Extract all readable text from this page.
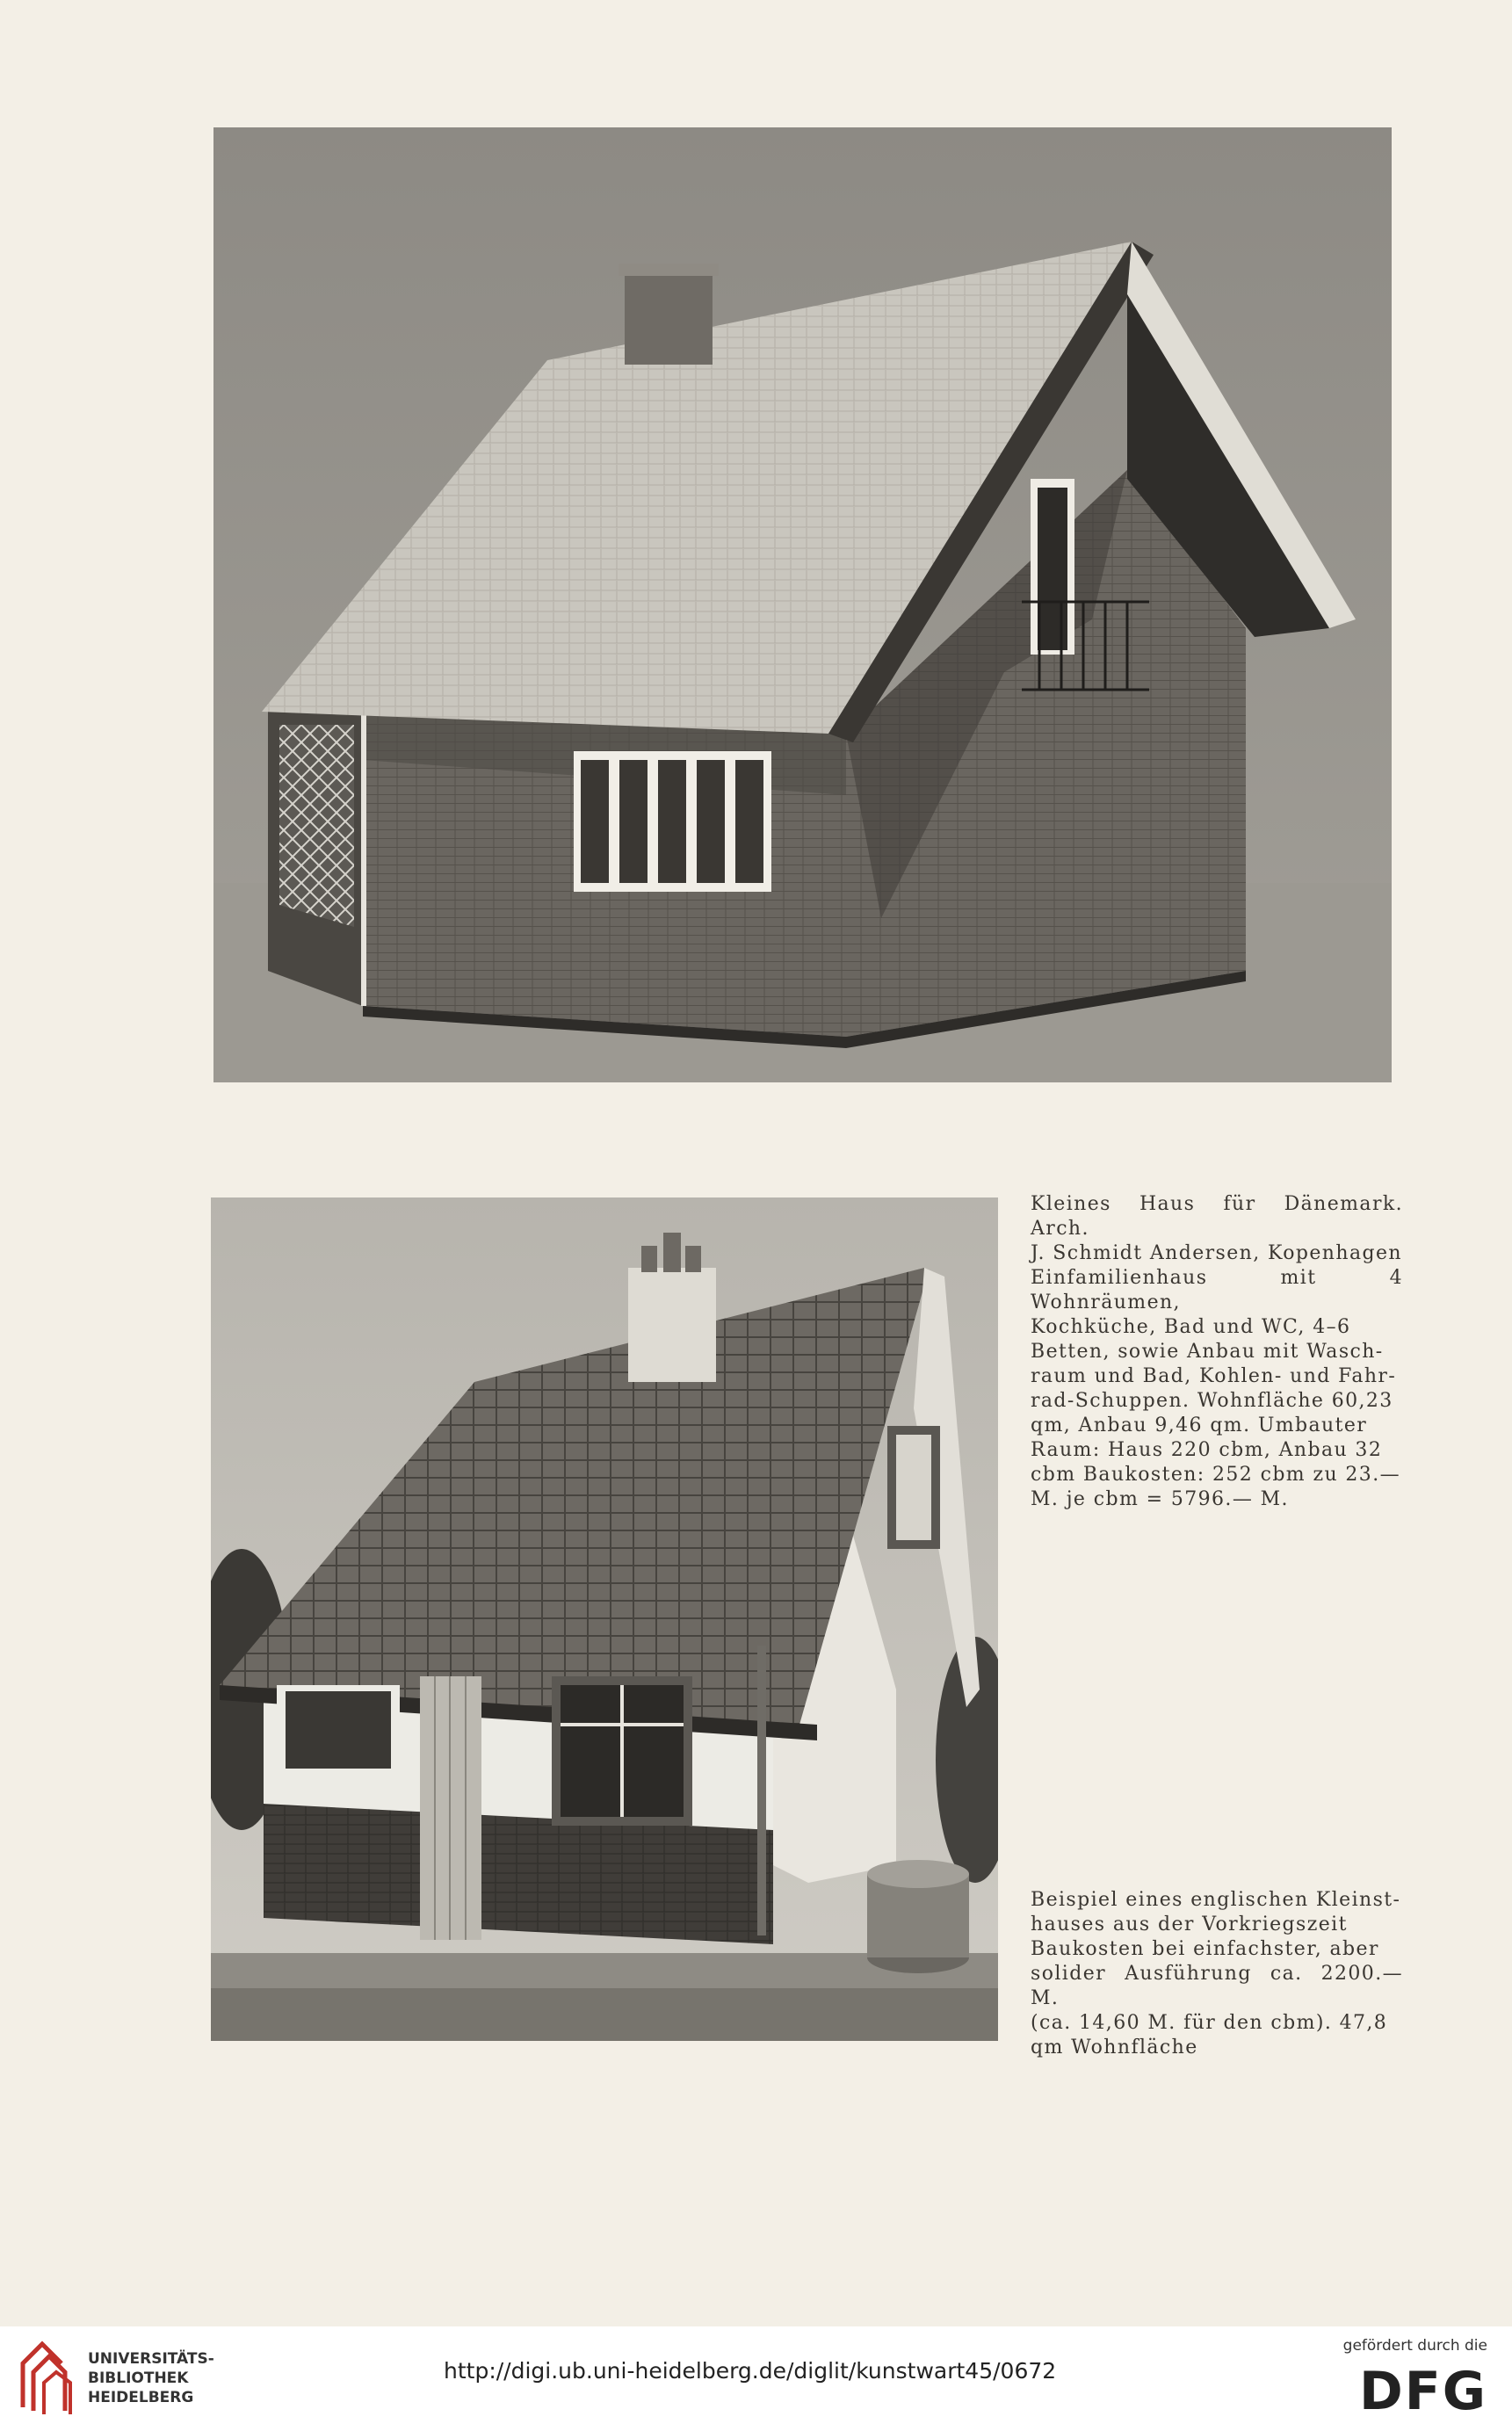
Kleines Haus für Dänemark. Arch.

J. Schmidt Andersen, Kopenhagen

Einfamilienhaus mit 4 Wohnräumen,

Kochküche, Bad und WC, 4–6

Betten, sowie Anbau mit Wasch-

raum und Bad, Kohlen- und Fahr-

rad-Schuppen. Wohnfläche 60,23

qm, Anbau 9,46 qm. Umbauter

Raum: Haus 220 cbm, Anbau 32

cbm Baukosten: 252 cbm zu 23.—

M. je cbm = 5796.— M.

Beispiel eines englischen Kleinst-

hauses aus der Vorkriegszeit

Baukosten bei einfachster, aber

solider Ausführung ca. 2200.— M.

(ca. 14,60 M. für den cbm). 47,8

qm Wohnfläche

UNIVERSITÄTS-
BIBLIOTHEK
HEIDELBERG
http://digi.ub.uni-heidelberg.de/diglit/kunstwart45/0672
gefördert durch die
DFG
